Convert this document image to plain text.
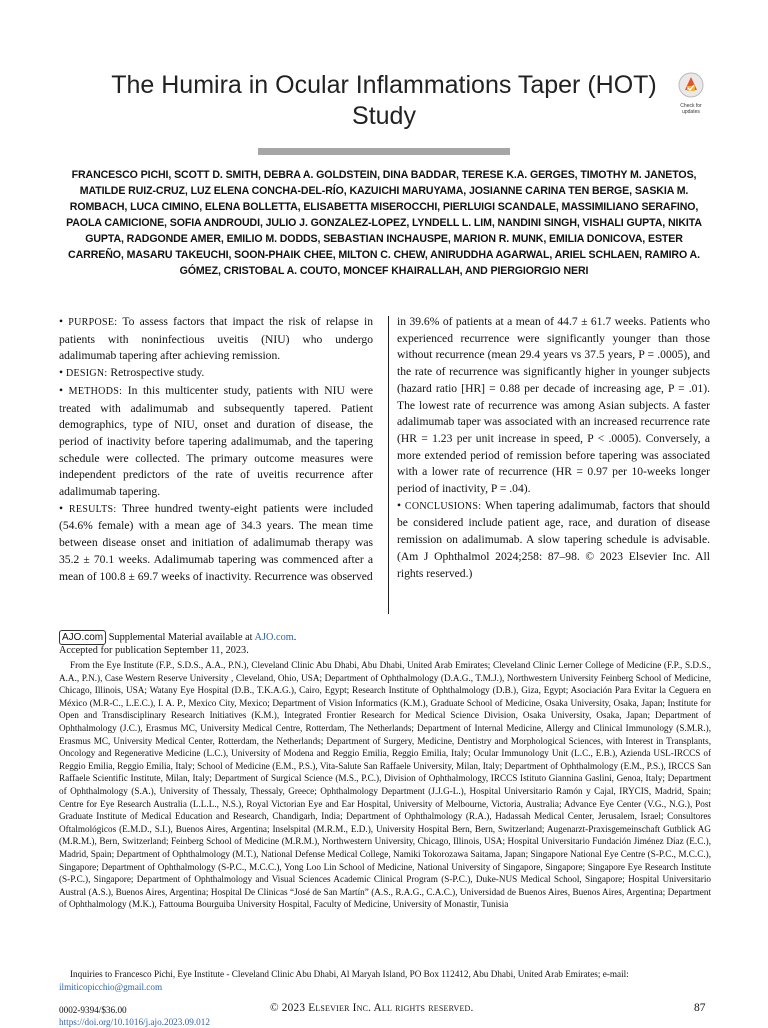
The Humira in Ocular Inflammations Taper (HOT) Study	Check for
updates
FRANCESCO PICHI, SCOTT D. SMITH, DEBRA A. GOLDSTEIN, DINA BADDAR, TERESE K.A. GERGES, TIMOTHY M. JANETOS, MATILDE RUIZ-CRUZ, LUZ ELENA CONCHA-DEL-RÍO, KAZUICHI MARUYAMA, JOSIANNE CARINA TEN BERGE, SASKIA M. ROMBACH, LUCA CIMINO, ELENA BOLLETTA, ELISABETTA MISEROCCHI, PIERLUIGI SCANDALE, MASSIMILIANO SERAFINO, PAOLA CAMICIONE, SOFIA ANDROUDI, JULIO J. GONZALEZ-LOPEZ, LYNDELL L. LIM, NANDINI SINGH, VISHALI GUPTA, NIKITA GUPTA, RADGONDE AMER, EMILIO M. DODDS, SEBASTIAN INCHAUSPE, MARION R. MUNK, EMILIA DONICOVA, ESTER CARREÑO, MASARU TAKEUCHI, SOON-PHAIK CHEE, MILTON C. CHEW, ANIRUDDHA AGARWAL, ARIEL SCHLAEN, RAMIRO A. GÓMEZ, CRISTOBAL A. COUTO, MONCEF KHAIRALLAH, AND PIERGIORGIO NERI

• PURPOSE: To assess factors that impact the risk of relapse in patients with noninfectious uveitis (NIU) who undergo adalimumab tapering after achieving remission.

• DESIGN: Retrospective study.

• METHODS: In this multicenter study, patients with NIU were treated with adalimumab and subsequently tapered. Patient demographics, type of NIU, onset and duration of disease, the period of inactivity before tapering adalimumab, and the tapering schedule were collected. The primary outcome measures were independent predictors of the rate of uveitis recurrence after adalimumab tapering.

• RESULTS: Three hundred twenty-eight patients were included (54.6% female) with a mean age of 34.3 years. The mean time between disease onset and initiation of adalimumab therapy was 35.2 ± 70.1 weeks. Adalimumab tapering was commenced after a mean of 100.8 ± 69.7 weeks of inactivity. Recurrence was observed

in 39.6% of patients at a mean of 44.7 ± 61.7 weeks. Patients who experienced recurrence were significantly younger than those without recurrence (mean 29.4 years vs 37.5 years, P = .0005), and the rate of recurrence was significantly higher in younger subjects (hazard ratio [HR] = 0.88 per decade of increasing age, P = .01). The lowest rate of recurrence was among Asian subjects. A faster adalimumab taper was associated with an increased recurrence rate (HR = 1.23 per unit increase in speed, P < .0005). Conversely, a more extended period of remission before tapering was associated with a lower rate of recurrence (HR = 0.97 per 10-weeks longer period of inactivity, P = .04).

• CONCLUSIONS: When tapering adalimumab, factors that should be considered include patient age, race, and duration of disease remission on adalimumab. A slow tapering schedule is advisable. (Am J Ophthalmol 2024;258: 87–98. © 2023 Elsevier Inc. All rights reserved.)

AJO.com Supplemental Material available at AJO.com.
Accepted for publication September 11, 2023.
From the Eye Institute (F.P., S.D.S., A.A., P.N.), Cleveland Clinic Abu Dhabi, Abu Dhabi, United Arab Emirates; Cleveland Clinic Lerner College of Medicine (F.P., S.D.S., A.A., P.N.), Case Western Reserve University , Cleveland, Ohio, USA; Department of Ophthalmology (D.A.G., T.M.J.), Northwestern University Feinberg School of Medicine, Chicago, Illinois, USA; Watany Eye Hospital (D.B., T.K.A.G.), Cairo, Egypt; Research Institute of Ophthalmology (D.B.), Giza, Egypt; Asociación Para Evitar la Ceguera en México (M.R-C., L.E.C.), I. A. P., Mexico City, Mexico; Department of Vision Informatics (K.M.), Graduate School of Medicine, Osaka University, Osaka, Japan; Institute for Open and Transdisciplinary Research Initiatives (K.M.), Integrated Frontier Research for Medical Science Division, Osaka University, Osaka, Japan; Department of Ophthalmology (J.C.), Erasmus MC, University Medical Centre, Rotterdam, The Netherlands; Department of Internal Medicine, Allergy and Clinical Immunology (S.M.R.), Erasmus MC, University Medical Center, Rotterdam, the Netherlands; Department of Surgery, Medicine, Dentistry and Morphological Sciences, with Interest in Transplants, Oncology and Regenerative Medicine (L.C.), University of Modena and Reggio Emilia, Reggio Emilia, Italy; Ocular Immunology Unit (L.C., E.B.), Azienda USL-IRCCS of Reggio Emilia, Reggio Emilia, Italy; School of Medicine (E.M., P.S.), Vita-Salute San Raffaele University, Milan, Italy; Department of Ophthalmology (E.M., P.S.), IRCCS San Raffaele Scientific Institute, Milan, Italy; Department of Surgical Science (M.S., P.C.), Division of Ophthalmology, IRCCS Istituto Giannina Gaslini, Genoa, Italy; Department of Ophthalmology (S.A.), University of Thessaly, Thessaly, Greece; Ophthalmology Department (J.J.G-L.), Hospital Universitario Ramón y Cajal, IRYCIS, Madrid, Spain; Centre for Eye Research Australia (L.L.L., N.S.), Royal Victorian Eye and Ear Hospital, University of Melbourne, Victoria, Australia; Advance Eye Center (V.G., N.G.), Post Graduate Institute of Medical Education and Research, Chandigarh, India; Department of Ophthalmology (R.A.), Hadassah Medical Center, Jerusalem, Israel; Consultores Oftalmológicos (E.M.D., S.I.), Buenos Aires, Argentina; Inselspital (M.R.M., E.D.), University Hospital Bern, Bern, Switzerland; Augenarzt-Praxisgemeinschaft Gutblick AG (M.R.M.), Bern, Switzerland; Feinberg School of Medicine (M.R.M.), Northwestern University, Chicago, Illinois, USA; Hospital Universitario Fundación Jiménez Díaz (E.C.), Madrid, Spain; Department of Ophthalmology (M.T.), National Defense Medical College, Namiki Tokorozawa Saitama, Japan; Singapore National Eye Centre (S-P.C., M.C.C.), Singapore; Department of Ophthalmology (S-P.C., M.C.C.), Yong Loo Lin School of Medicine, National University of Singapore, Singapore; Singapore Eye Research Institute (S-P.C.), Singapore; Department of Ophthalmology and Visual Sciences Academic Clinical Program (S-P.C.), Duke-NUS Medical School, Singapore; Hospital Universitario Austral (A.S.), Buenos Aires, Argentina; Hospital De Clinicas “José de San Martín” (A.S., R.A.G., C.A.C.), Universidad de Buenos Aires, Buenos Aires, Argentina; Department of Ophthalmology (M.K.), Fattouma Bourguiba University Hospital, Faculty of Medicine, University of Monastir, Tunisia
Inquiries to Francesco Pichi, Eye Institute - Cleveland Clinic Abu Dhabi, Al Maryah Island, PO Box 112412, Abu Dhabi, United Arab Emirates; e-mail:
ilmiticopicchio@gmail.com
0002-9394/$36.00
https://doi.org/10.1016/j.ajo.2023.09.012
© 2023 Elsevier Inc. All rights reserved.	87
